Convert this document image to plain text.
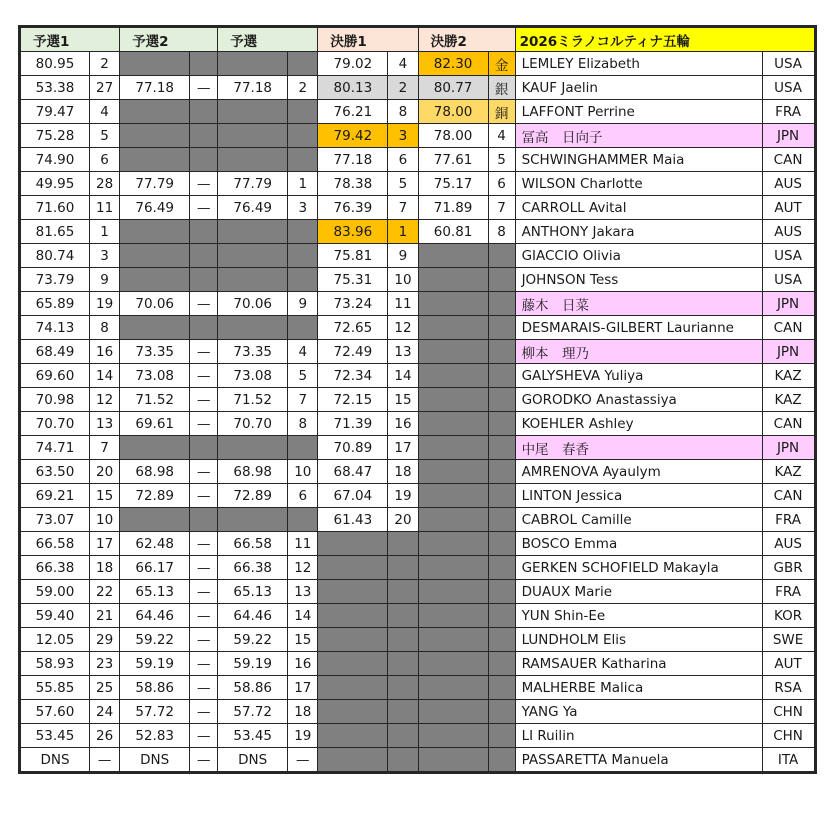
予選1		予選2		予選		決勝1		決勝2		2026ミラノコルティナ五輪	
80.95	2					79.02	4	82.30	金	LEMLEY Elizabeth	USA
53.38	27	77.18	—	77.18	2	80.13	2	80.77	銀	KAUF Jaelin	USA
79.47	4					76.21	8	78.00	銅	LAFFONT Perrine	FRA
75.28	5					79.42	3	78.00	4	冨高　日向子	JPN
74.90	6					77.18	6	77.61	5	SCHWINGHAMMER Maia	CAN
49.95	28	77.79	—	77.79	1	78.38	5	75.17	6	WILSON Charlotte	AUS
71.60	11	76.49	—	76.49	3	76.39	7	71.89	7	CARROLL Avital	AUT
81.65	1					83.96	1	60.81	8	ANTHONY Jakara	AUS
80.74	3					75.81	9			GIACCIO Olivia	USA
73.79	9					75.31	10			JOHNSON Tess	USA
65.89	19	70.06	—	70.06	9	73.24	11			藤木　日菜	JPN
74.13	8					72.65	12			DESMARAIS-GILBERT Laurianne	CAN
68.49	16	73.35	—	73.35	4	72.49	13			柳本　理乃	JPN
69.60	14	73.08	—	73.08	5	72.34	14			GALYSHEVA Yuliya	KAZ
70.98	12	71.52	—	71.52	7	72.15	15			GORODKO Anastassiya	KAZ
70.70	13	69.61	—	70.70	8	71.39	16			KOEHLER Ashley	CAN
74.71	7					70.89	17			中尾　春香	JPN
63.50	20	68.98	—	68.98	10	68.47	18			AMRENOVA Ayaulym	KAZ
69.21	15	72.89	—	72.89	6	67.04	19			LINTON Jessica	CAN
73.07	10					61.43	20			CABROL Camille	FRA
66.58	17	62.48	—	66.58	11					BOSCO Emma	AUS
66.38	18	66.17	—	66.38	12					GERKEN SCHOFIELD Makayla	GBR
59.00	22	65.13	—	65.13	13					DUAUX Marie	FRA
59.40	21	64.46	—	64.46	14					YUN Shin-Ee	KOR
12.05	29	59.22	—	59.22	15					LUNDHOLM Elis	SWE
58.93	23	59.19	—	59.19	16					RAMSAUER Katharina	AUT
55.85	25	58.86	—	58.86	17					MALHERBE Malica	RSA
57.60	24	57.72	—	57.72	18					YANG Ya	CHN
53.45	26	52.83	—	53.45	19					LI Ruilin	CHN
DNS	—	DNS	—	DNS	—					PASSARETTA Manuela	ITA
